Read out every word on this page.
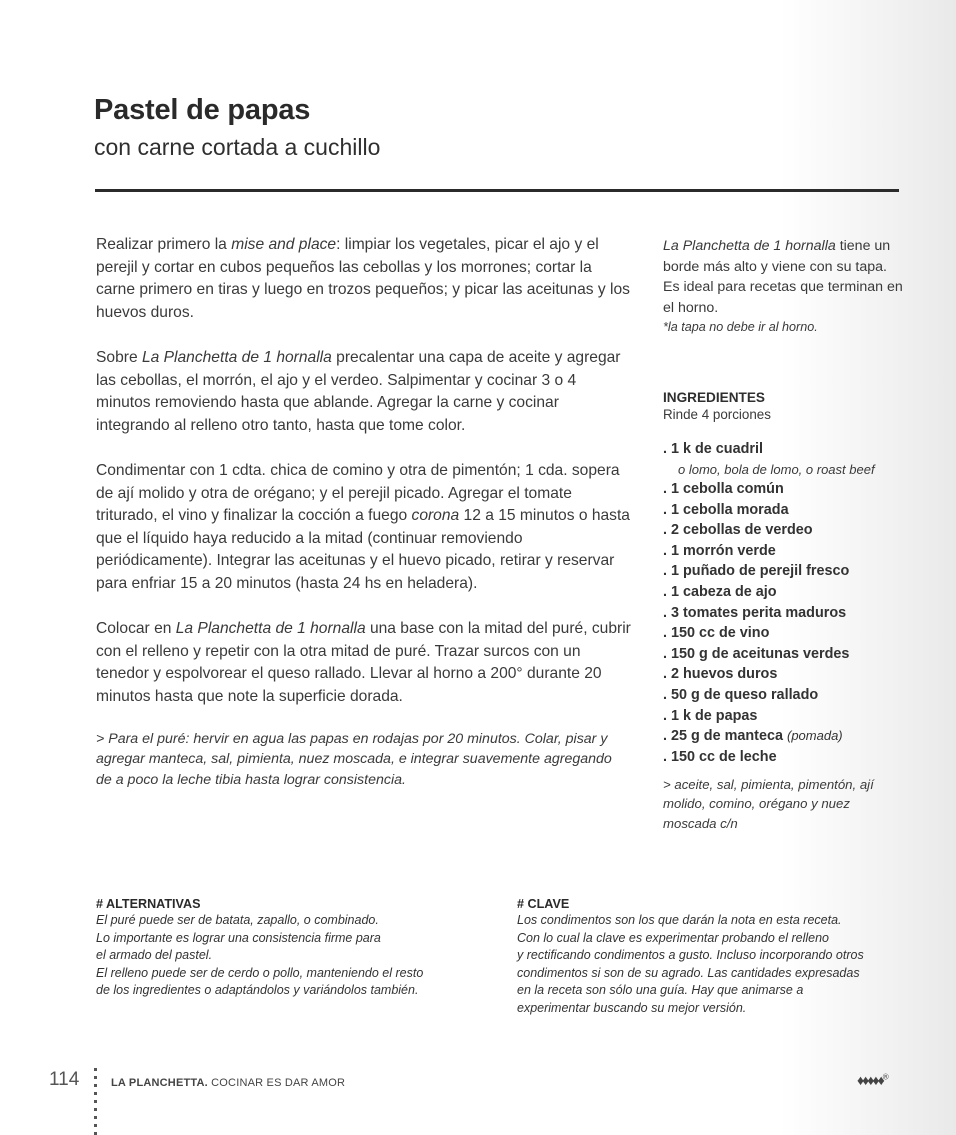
Pastel de papas
con carne cortada a cuchillo

Realizar primero la mise and place: limpiar los vegetales, picar el ajo y el perejil y cortar en cubos pequeños las cebollas y los morrones; cortar la carne primero en tiras y luego en trozos pequeños; y picar las aceitunas y los huevos duros.

Sobre La Planchetta de 1 hornalla precalentar una capa de aceite y agregar las cebollas, el morrón, el ajo y el verdeo. Salpimentar y cocinar 3 o 4 minutos removiendo hasta que ablande. Agregar la carne y cocinar integrando al relleno otro tanto, hasta que tome color.

Condimentar con 1 cdta. chica de comino y otra de pimentón; 1 cda. sopera de ají molido y otra de orégano; y el perejil picado. Agregar el tomate triturado, el vino y finalizar la cocción a fuego corona 12 a 15 minutos o hasta que el líquido haya reducido a la mitad (continuar removiendo periódicamente). Integrar las aceitunas y el huevo picado, retirar y reservar para enfriar 15 a 20 minutos (hasta 24 hs en heladera).

Colocar en La Planchetta de 1 hornalla una base con la mitad del puré, cubrir con el relleno y repetir con la otra mitad de puré. Trazar surcos con un tenedor y espolvorear el queso rallado. Llevar al horno a 200° durante 20 minutos hasta que note la superficie dorada.

> Para el puré: hervir en agua las papas en rodajas por 20 minutos. Colar, pisar y agregar manteca, sal, pimienta, nuez moscada, e integrar suavemente agregando de a poco la leche tibia hasta lograr consistencia.

La Planchetta de 1 hornalla tiene un borde más alto y viene con su tapa. Es ideal para recetas que terminan en el horno.
*la tapa no debe ir al horno.
INGREDIENTES
Rinde 4 porciones
. 1 k de cuadril
o lomo, bola de lomo, o roast beef
. 1 cebolla común
. 1 cebolla morada
. 2 cebollas de verdeo
. 1 morrón verde
. 1 puñado de perejil fresco
. 1 cabeza de ajo
. 3 tomates perita maduros
. 150 cc de vino
. 150 g de aceitunas verdes
. 2 huevos duros
. 50 g de queso rallado
. 1 k de papas
. 25 g de manteca (pomada)
. 150 cc de leche
> aceite, sal, pimienta, pimentón, ají molido, comino, orégano y nuez moscada c/n
# ALTERNATIVAS
El puré puede ser de batata, zapallo, o combinado.
Lo importante es lograr una consistencia firme para
el armado del pastel.
El relleno puede ser de cerdo o pollo, manteniendo el resto
de los ingredientes o adaptándolos y variándolos también.
# CLAVE
Los condimentos son los que darán la nota en esta receta.
Con lo cual la clave es experimentar probando el relleno
y rectificando condimentos a gusto. Incluso incorporando otros
condimentos si son de su agrado. Las cantidades expresadas
en la receta son sólo una guía. Hay que animarse a
experimentar buscando su mejor versión.
114	LA PLANCHETTA. COCINAR ES DAR AMOR	♦♦♦♦♦®
